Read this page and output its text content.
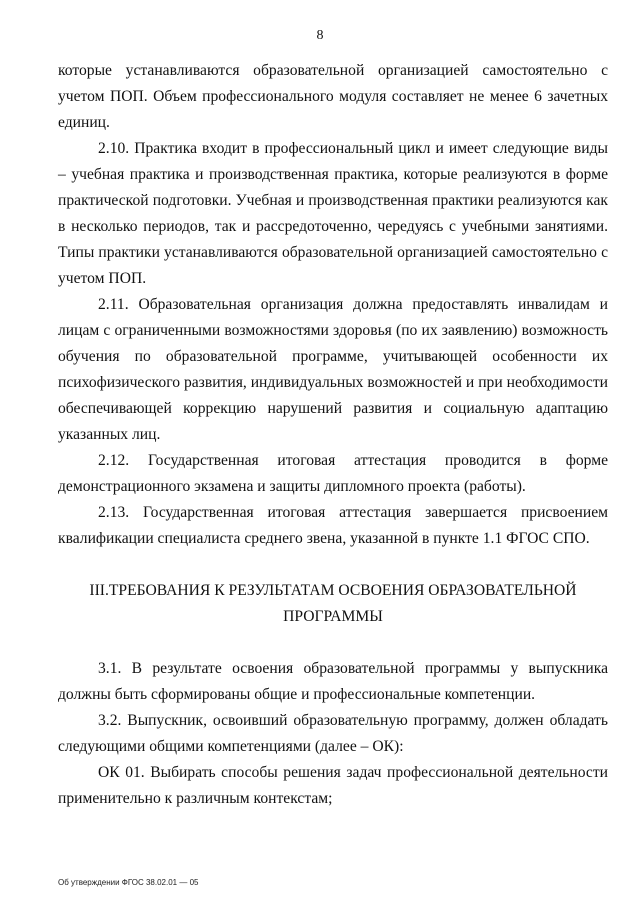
8

которые устанавливаются образовательной организацией самостоятельно с учетом ПОП. Объем профессионального модуля составляет не менее 6 зачетных единиц.

2.10. Практика входит в профессиональный цикл и имеет следующие виды – учебная практика и производственная практика, которые реализуются в форме практической подготовки. Учебная и производственная практики реализуются как в несколько периодов, так и рассредоточенно, чередуясь с учебными занятиями. Типы практики устанавливаются образовательной организацией самостоятельно с учетом ПОП.

2.11. Образовательная организация должна предоставлять инвалидам и лицам с ограниченными возможностями здоровья (по их заявлению) возможность обучения по образовательной программе, учитывающей особенности их психофизического развития, индивидуальных возможностей и при необходимости обеспечивающей коррекцию нарушений развития и социальную адаптацию указанных лиц.

2.12. Государственная итоговая аттестация проводится в форме демонстрационного экзамена и защиты дипломного проекта (работы).

2.13. Государственная итоговая аттестация завершается присвоением квалификации специалиста среднего звена, указанной в пункте 1.1 ФГОС СПО.

III.ТРЕБОВАНИЯ К РЕЗУЛЬТАТАМ ОСВОЕНИЯ ОБРАЗОВАТЕЛЬНОЙ ПРОГРАММЫ

3.1. В результате освоения образовательной программы у выпускника должны быть сформированы общие и профессиональные компетенции.

3.2. Выпускник, освоивший образовательную программу, должен обладать следующими общими компетенциями (далее – ОК):

ОК 01. Выбирать способы решения задач профессиональной деятельности применительно к различным контекстам;

Об утверждении ФГОС 38.02.01 — 05
